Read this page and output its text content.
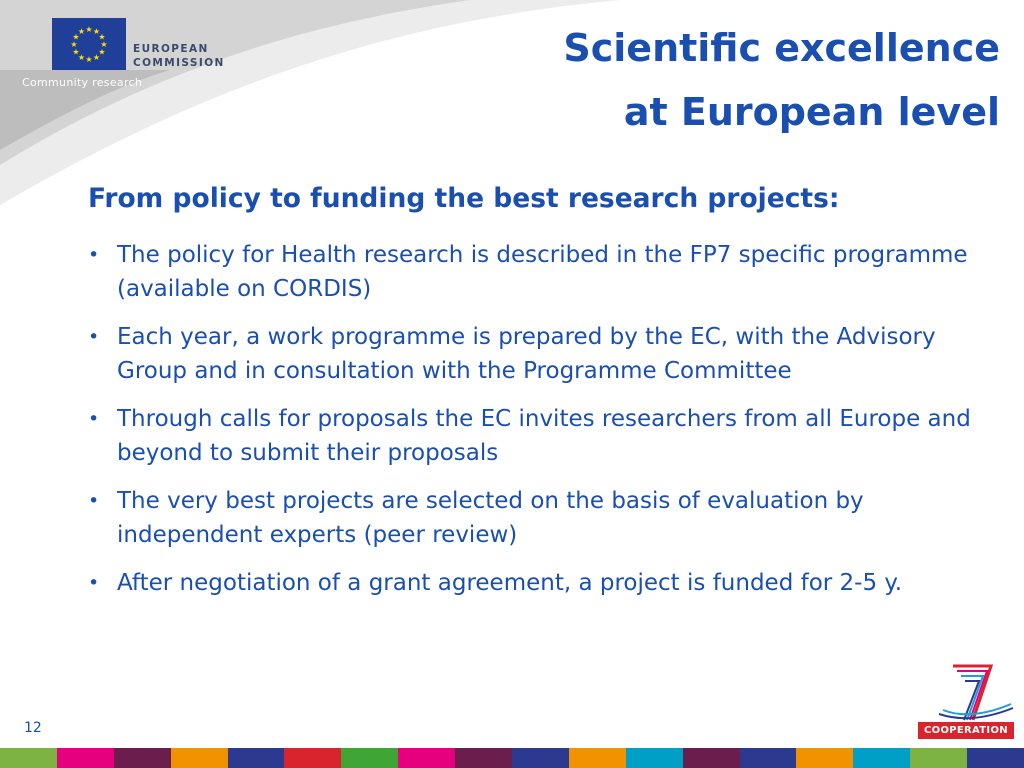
★ ★
★
★
★
★
★
★
★
★
★
★
EUROPEAN
COMMISSION
Community research
Scientific excellence
at European level
From policy to funding the best research projects:
• The policy for Health research is described in the FP7 specific programme (available on CORDIS)
• Each year, a work programme is prepared by the EC, with the Advisory Group and in consultation with the Programme Committee
• Through calls for proposals the EC invites researchers from all Europe and beyond to submit their proposals
• The very best projects are selected on the basis of evaluation by independent experts (peer review)
• After negotiation of a grant agreement, a project is funded for 2-5 y.
COOPERATION
12
